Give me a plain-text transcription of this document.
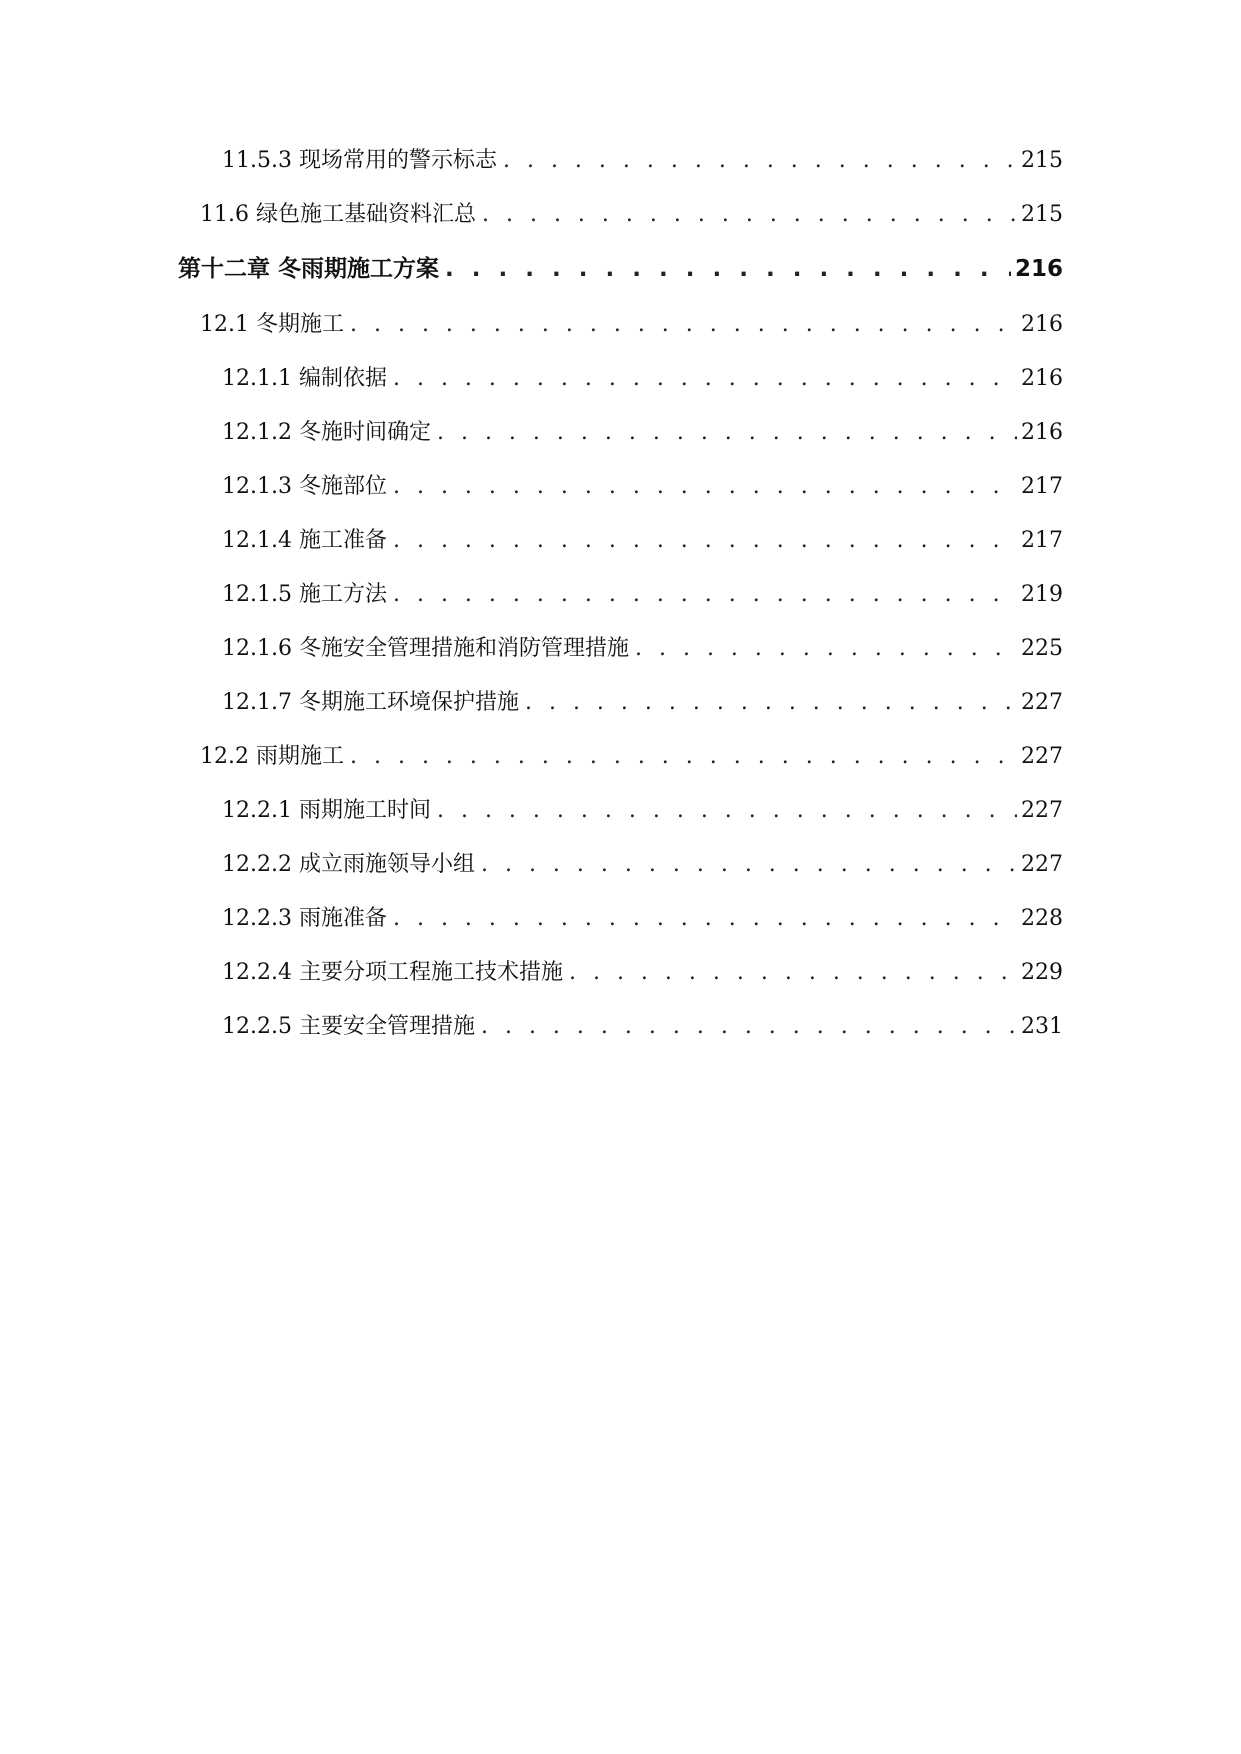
11.5.3 现场常用的警示标志 . . .	215
11.6 绿色施工基础资料汇总 . . .	215
第十二章 冬雨期施工方案 . . .	216
12.1 冬期施工 . . .	216
12.1.1 编制依据 . . .	216
12.1.2 冬施时间确定 . . .	216
12.1.3 冬施部位 . . .	217
12.1.4 施工准备 . . .	217
12.1.5 施工方法 . . .	219
12.1.6 冬施安全管理措施和消防管理措施 . . .	225
12.1.7 冬期施工环境保护措施 . . .	227
12.2 雨期施工 . . .	227
12.2.1 雨期施工时间 . . .	227
12.2.2 成立雨施领导小组 . . .	227
12.2.3 雨施准备 . . .	228
12.2.4 主要分项工程施工技术措施 . . .	229
12.2.5 主要安全管理措施 . . .	231
